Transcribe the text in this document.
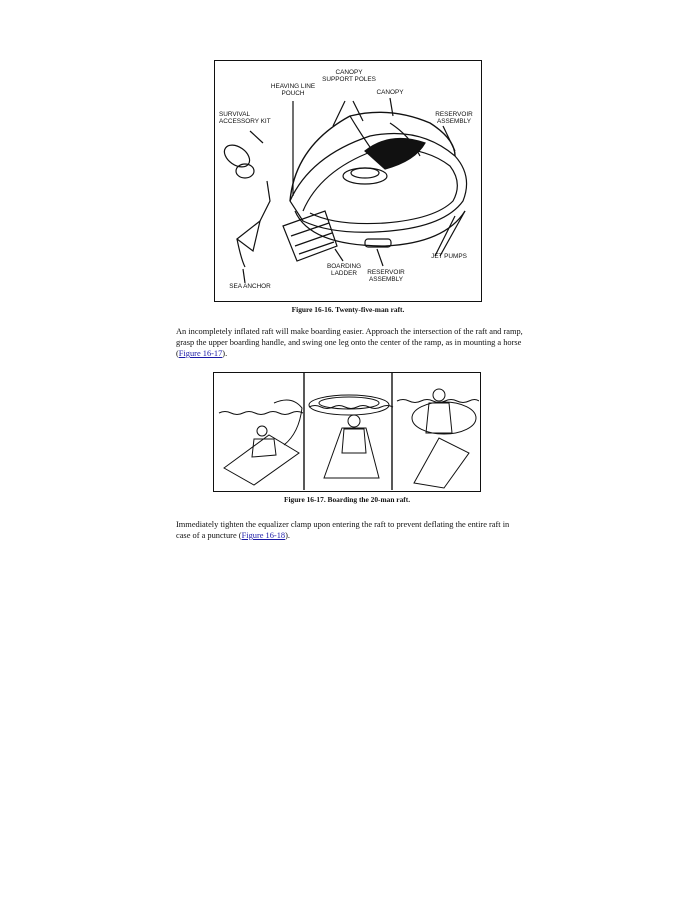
CANOPY
SUPPORT POLES
HEAVING LINE
POUCH	CANOPY
SURVIVAL
ACCESSORY KIT
RESERVOIR
ASSEMBLY
JET PUMPS
BOARDING
LADDER	RESERVOIR
ASSEMBLY
SEA ANCHOR
Figure 16-16. Twenty-five-man raft.

An incompletely inflated raft will make boarding easier. Approach the intersection of the raft and ramp, grasp the upper boarding handle, and swing one leg onto the center of the ramp, as in mounting a horse (Figure 16-17).

Figure 16-17. Boarding the 20-man raft.

Immediately tighten the equalizer clamp upon entering the raft to prevent deflating the entire raft in case of a puncture (Figure 16-18).
